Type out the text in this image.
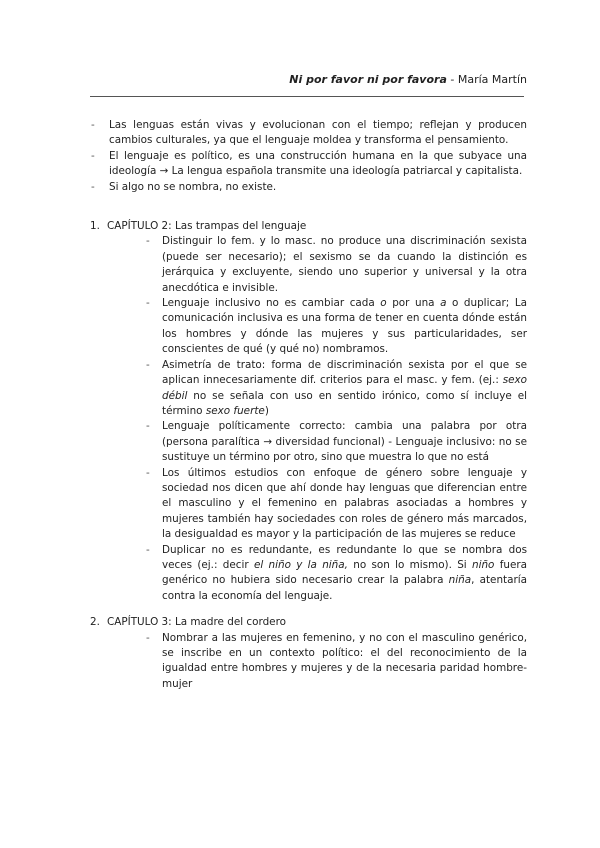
Ni por favor ni por favora - María Martín
- Las lenguas están vivas y evolucionan con el tiempo; reflejan y producen cambios culturales, ya que el lenguaje moldea y transforma el pensamiento.
- El lenguaje es político, es una construcción humana en la que subyace una ideología → La lengua española transmite una ideología patriarcal y capitalista.
- Si algo no se nombra, no existe.
1. CAPÍTULO 2: Las trampas del lenguaje
- Distinguir lo fem. y lo masc. no produce una discriminación sexista (puede ser necesario); el sexismo se da cuando la distinción es jerárquica y excluyente, siendo uno superior y universal y la otra anecdótica e invisible.
- Lenguaje inclusivo no es cambiar cada o por una a o duplicar; La comunicación inclusiva es una forma de tener en cuenta dónde están los hombres y dónde las mujeres y sus particularidades, ser conscientes de qué (y qué no) nombramos.
- Asimetría de trato: forma de discriminación sexista por el que se aplican innecesariamente dif. criterios para el masc. y fem. (ej.: sexo débil no se señala con uso en sentido irónico, como sí incluye el término sexo fuerte)
- Lenguaje políticamente correcto: cambia una palabra por otra (persona paralítica → diversidad funcional) - Lenguaje inclusivo: no se sustituye un término por otro, sino que muestra lo que no está
- Los últimos estudios con enfoque de género sobre lenguaje y sociedad nos dicen que ahí donde hay lenguas que diferencian entre el masculino y el femenino en palabras asociadas a hombres y mujeres también hay sociedades con roles de género más marcados, la desigualdad es mayor y la participación de las mujeres se reduce
- Duplicar no es redundante, es redundante lo que se nombra dos veces (ej.: decir el niño y la niña, no son lo mismo). Si niño fuera genérico no hubiera sido necesario crear la palabra niña, atentaría contra la economía del lenguaje.
2. CAPÍTULO 3: La madre del cordero
- Nombrar a las mujeres en femenino, y no con el masculino genérico, se inscribe en un contexto político: el del reconocimiento de la igualdad entre hombres y mujeres y de la necesaria paridad hombre-mujer
